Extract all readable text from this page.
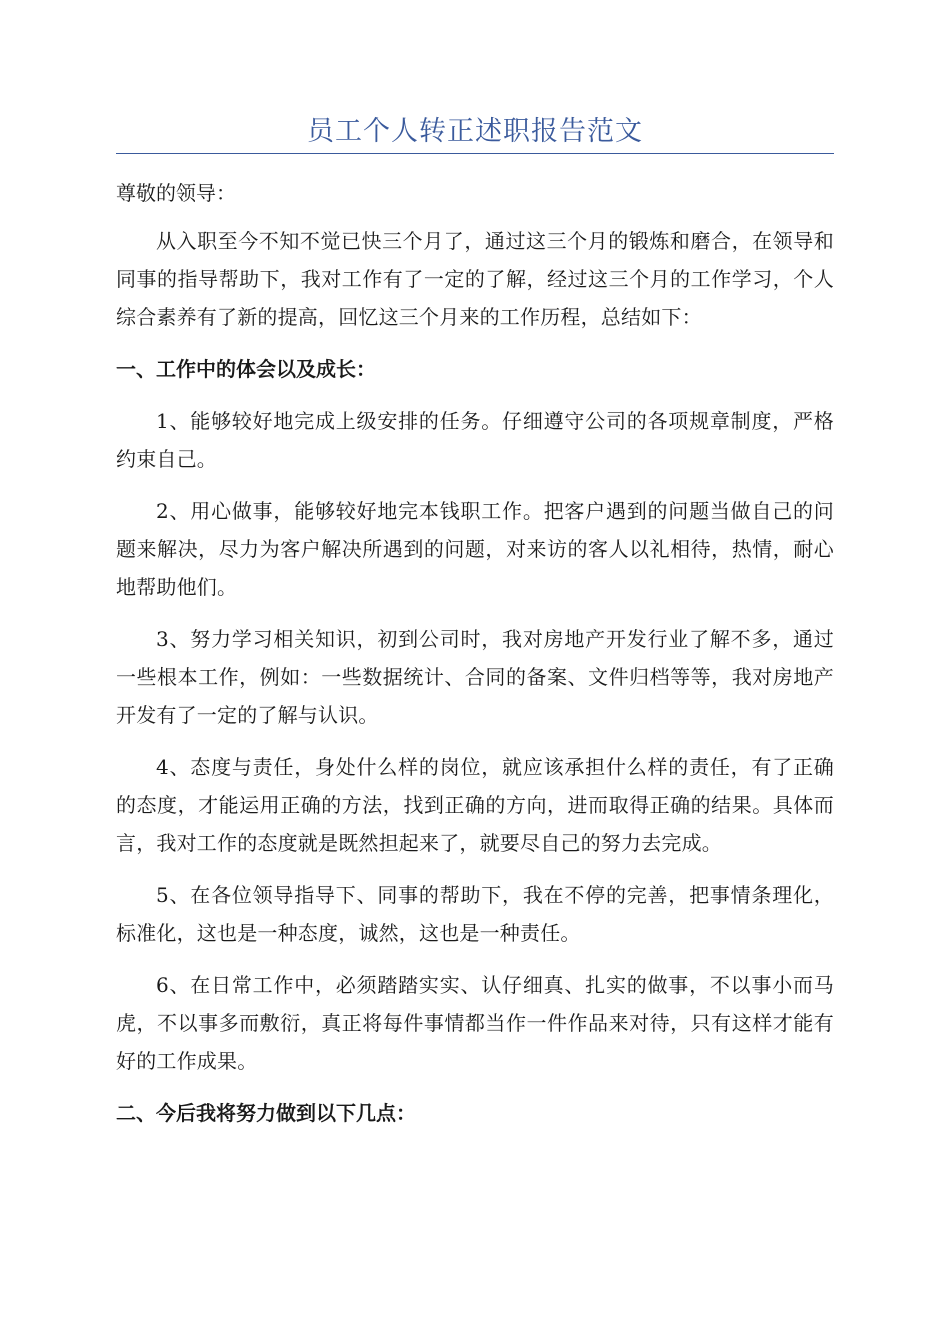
员工个人转正述职报告范文

尊敬的领导：

从入职至今不知不觉已快三个月了，通过这三个月的锻炼和磨合，在领导和同事的指导帮助下，我对工作有了一定的了解，经过这三个月的工作学习，个人综合素养有了新的提高，回忆这三个月来的工作历程，总结如下：

一、工作中的体会以及成长：

1、能够较好地完成上级安排的任务。仔细遵守公司的各项规章制度，严格约束自己。

2、用心做事，能够较好地完本钱职工作。把客户遇到的问题当做自己的问题来解决，尽力为客户解决所遇到的问题，对来访的客人以礼相待，热情，耐心地帮助他们。

3、努力学习相关知识，初到公司时，我对房地产开发行业了解不多，通过一些根本工作，例如：一些数据统计、合同的备案、文件归档等等，我对房地产开发有了一定的了解与认识。

4、态度与责任，身处什么样的岗位，就应该承担什么样的责任，有了正确的态度，才能运用正确的方法，找到正确的方向，进而取得正确的结果。具体而言，我对工作的态度就是既然担起来了，就要尽自己的努力去完成。

5、在各位领导指导下、同事的帮助下，我在不停的完善，把事情条理化，标准化，这也是一种态度，诚然，这也是一种责任。

6、在日常工作中，必须踏踏实实、认仔细真、扎实的做事，不以事小而马虎，不以事多而敷衍，真正将每件事情都当作一件作品来对待，只有这样才能有好的工作成果。

二、今后我将努力做到以下几点：
